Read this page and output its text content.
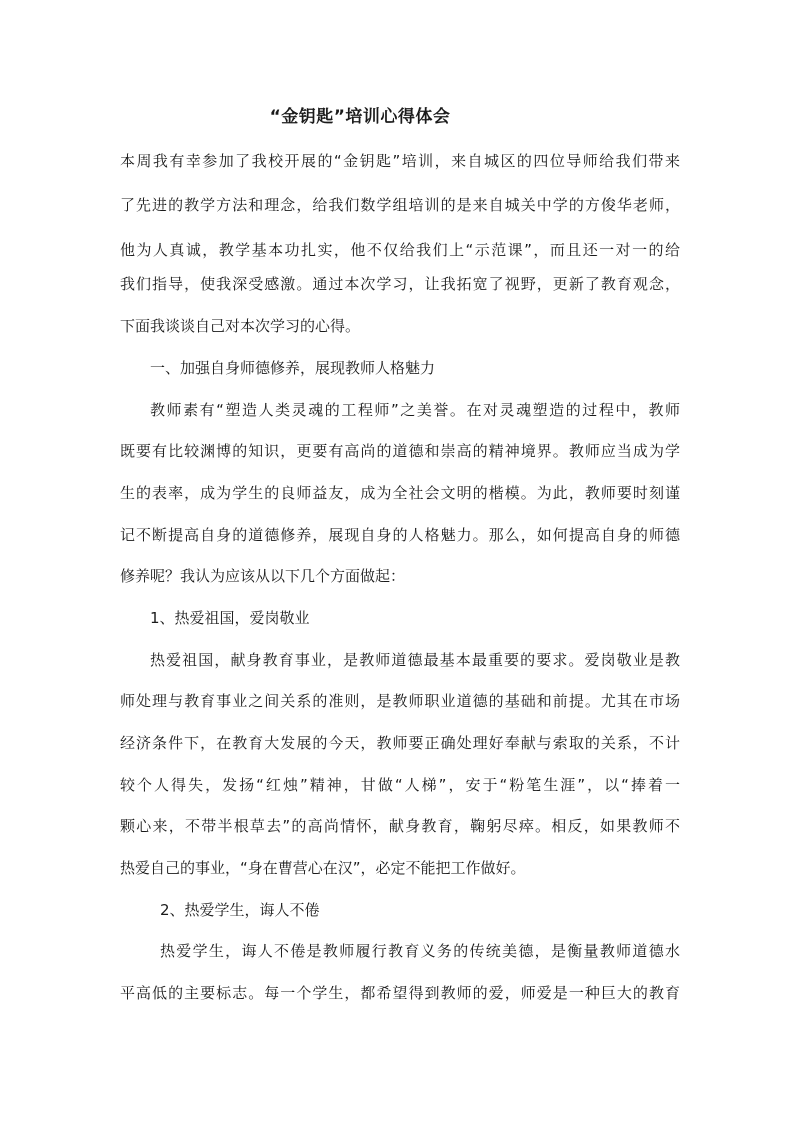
“金钥匙”培训心得体会
本周我有幸参加了我校开展的“金钥匙”培训，来自城区的四位导师给我们带来
了先进的教学方法和理念，给我们数学组培训的是来自城关中学的方俊华老师，
他为人真诚，教学基本功扎实，他不仅给我们上“示范课”，而且还一对一的给
我们指导，使我深受感激。通过本次学习，让我拓宽了视野，更新了教育观念，
下面我谈谈自己对本次学习的心得。
一、加强自身师德修养，展现教师人格魅力
教师素有“塑造人类灵魂的工程师”之美誉。在对灵魂塑造的过程中，教师
既要有比较渊博的知识，更要有高尚的道德和崇高的精神境界。教师应当成为学
生的表率，成为学生的良师益友，成为全社会文明的楷模。为此，教师要时刻谨
记不断提高自身的道德修养，展现自身的人格魅力。那么，如何提高自身的师德
修养呢？我认为应该从以下几个方面做起：
1、热爱祖国，爱岗敬业
热爱祖国，献身教育事业，是教师道德最基本最重要的要求。爱岗敬业是教
师处理与教育事业之间关系的准则，是教师职业道德的基础和前提。尤其在市场
经济条件下，在教育大发展的今天，教师要正确处理好奉献与索取的关系，不计
较个人得失，发扬“红烛”精神，甘做“人梯”，安于“粉笔生涯”，以“捧着一
颗心来，不带半根草去”的高尚情怀，献身教育，鞠躬尽瘁。相反，如果教师不
热爱自己的事业，“身在曹营心在汉”，必定不能把工作做好。
2、热爱学生，诲人不倦
热爱学生，诲人不倦是教师履行教育义务的传统美德，是衡量教师道德水
平高低的主要标志。每一个学生，都希望得到教师的爱，师爱是一种巨大的教育
